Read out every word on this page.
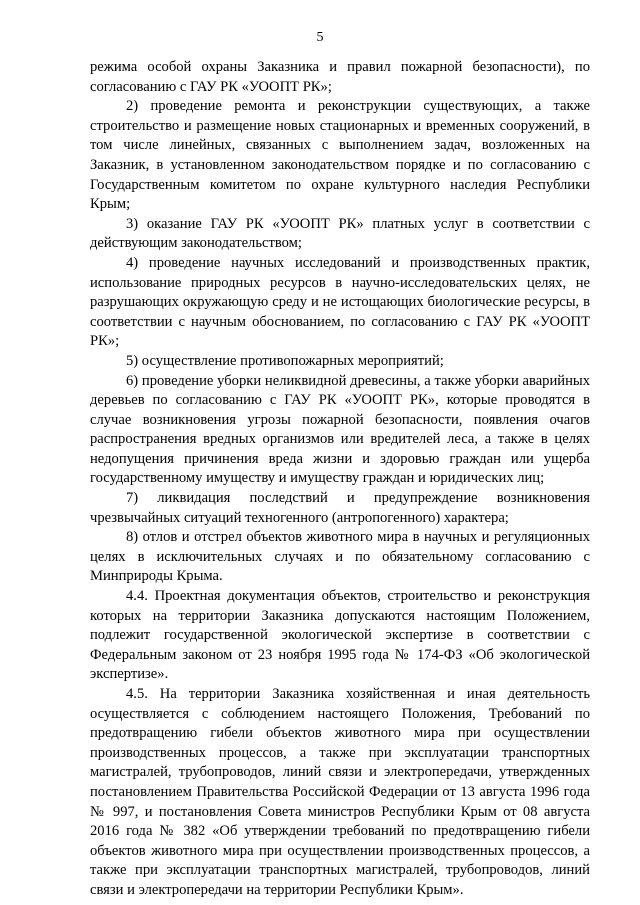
5

режима особой охраны Заказника и правил пожарной безопасности), по согласованию с ГАУ РК «УООПТ РК»;

2) проведение ремонта и реконструкции существующих, а также строительство и размещение новых стационарных и временных сооружений, в том числе линейных, связанных с выполнением задач, возложенных на Заказник, в установленном законодательством порядке и по согласованию с Государственным комитетом по охране культурного наследия Республики Крым;

3) оказание ГАУ РК «УООПТ РК» платных услуг в соответствии с действующим законодательством;

4) проведение научных исследований и производственных практик, использование природных ресурсов в научно-исследовательских целях, не разрушающих окружающую среду и не истощающих биологические ресурсы, в соответствии с научным обоснованием, по согласованию с ГАУ РК «УООПТ РК»;

5) осуществление противопожарных мероприятий;

6) проведение уборки неликвидной древесины, а также уборки аварийных деревьев по согласованию с ГАУ РК «УООПТ РК», которые проводятся в случае возникновения угрозы пожарной безопасности, появления очагов распространения вредных организмов или вредителей леса, а также в целях недопущения причинения вреда жизни и здоровью граждан или ущерба государственному имуществу и имуществу граждан и юридических лиц;

7) ликвидация последствий и предупреждение возникновения чрезвычайных ситуаций техногенного (антропогенного) характера;

8) отлов и отстрел объектов животного мира в научных и регуляционных целях в исключительных случаях и по обязательному согласованию с Минприроды Крыма.

4.4. Проектная документация объектов, строительство и реконструкция которых на территории Заказника допускаются настоящим Положением, подлежит государственной экологической экспертизе в соответствии с Федеральным законом от 23 ноября 1995 года № 174-ФЗ «Об экологической экспертизе».

4.5. На территории Заказника хозяйственная и иная деятельность осуществляется с соблюдением настоящего Положения, Требований по предотвращению гибели объектов животного мира при осуществлении производственных процессов, а также при эксплуатации транспортных магистралей, трубопроводов, линий связи и электропередачи, утвержденных постановлением Правительства Российской Федерации от 13 августа 1996 года № 997, и постановления Совета министров Республики Крым от 08 августа 2016 года № 382 «Об утверждении требований по предотвращению гибели объектов животного мира при осуществлении производственных процессов, а также при эксплуатации транспортных магистралей, трубопроводов, линий связи и электропередачи на территории Республики Крым».
